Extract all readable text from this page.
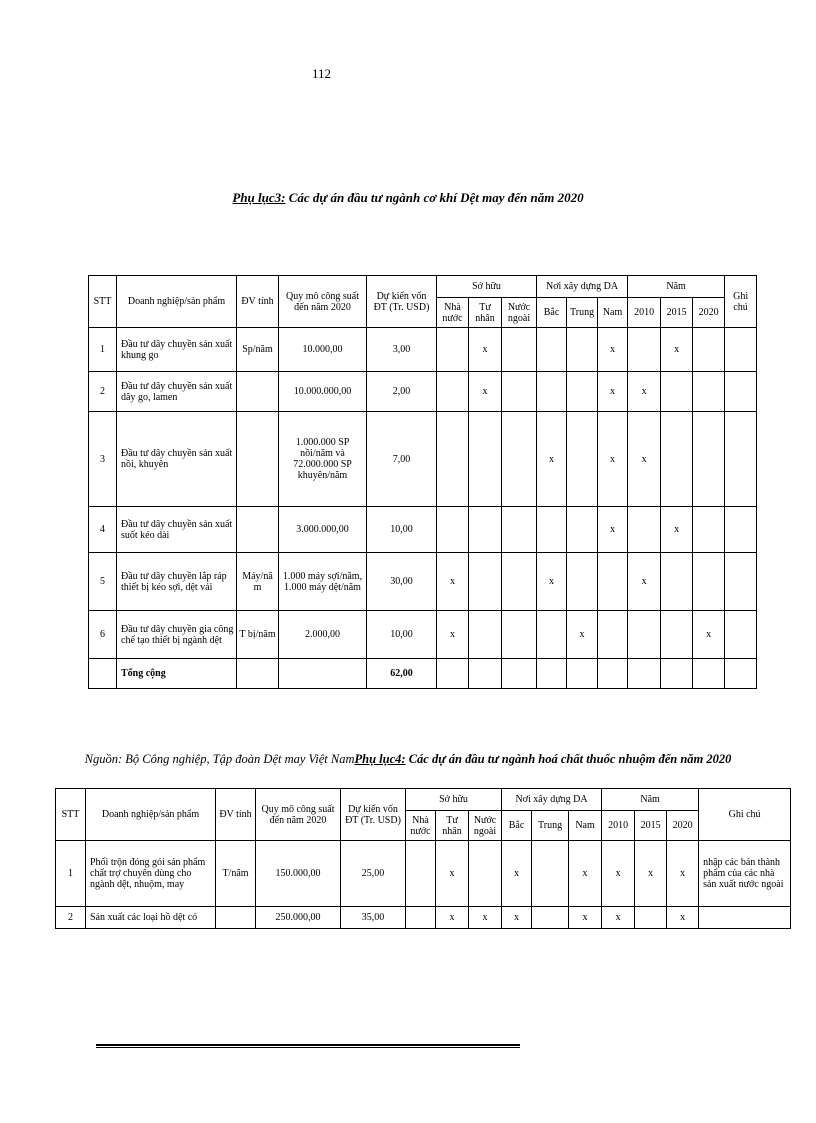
112
Phụ lục3: Các dự án đầu tư ngành cơ khí Dệt may đến năm 2020
STT	Doanh nghiệp/sản phẩm	ĐV tính	Quy mô công suất đến năm 2020	Dự kiến vốn ĐT (Tr. USD)	Sở hữu			Nơi xây dựng DA			Năm			Ghi chú
					Nhà nước	Tư nhân	Nước ngoài	Bắc	Trung	Nam	2010	2015	2020	
1	Đầu tư dây chuyền sản xuất khung go	Sp/năm	10.000,00	3,00		x				x		x		
2	Đầu tư dây chuyền sản xuất dây go, lamen		10.000.000,00	2,00		x				x	x			
3	Đầu tư dây chuyền sản xuất nồi, khuyên		1.000.000 SP nồi/năm và 72.000.000 SP khuyên/năm	7,00				x		x	x			
4	Đầu tư dây chuyền sản xuất suốt kéo dài		3.000.000,00	10,00						x		x		
5	Đầu tư dây chuyền lắp ráp thiết bị kéo sợi, dệt vải	Máy/năm	1.000 máy sợi/năm, 1.000 máy dệt/năm	30,00	x			x			x			
6	Đầu tư dây chuyền gia công chế tạo thiết bị ngành dệt	T bị/năm	2.000,00	10,00	x				x				x	
	Tổng cộng			62,00										
Nguồn: Bộ Công nghiệp, Tập đoàn Dệt may Việt NamPhụ lục4: Các dự án đầu tư ngành hoá chất thuốc nhuộm đến năm 2020
STT	Doanh nghiệp/sản phẩm	ĐV tính	Quy mô công suất đến năm 2020	Dự kiến vốn ĐT (Tr. USD)	Sở hữu			Nơi xây dựng DA			Năm			Ghi chú
					Nhà nước	Tư nhân	Nước ngoài	Bắc	Trung	Nam	2010	2015	2020	
1	Phối trộn đóng gói sản phẩm chất trợ chuyên dùng cho ngành dệt, nhuộm, may	T/năm	150.000,00	25,00		x		x		x	x	x	x	nhập các bán thành phẩm của các nhà sản xuất nước ngoài
2	Sản xuất các loại hồ dệt có		250.000,00	35,00		x	x	x		x	x		x	
